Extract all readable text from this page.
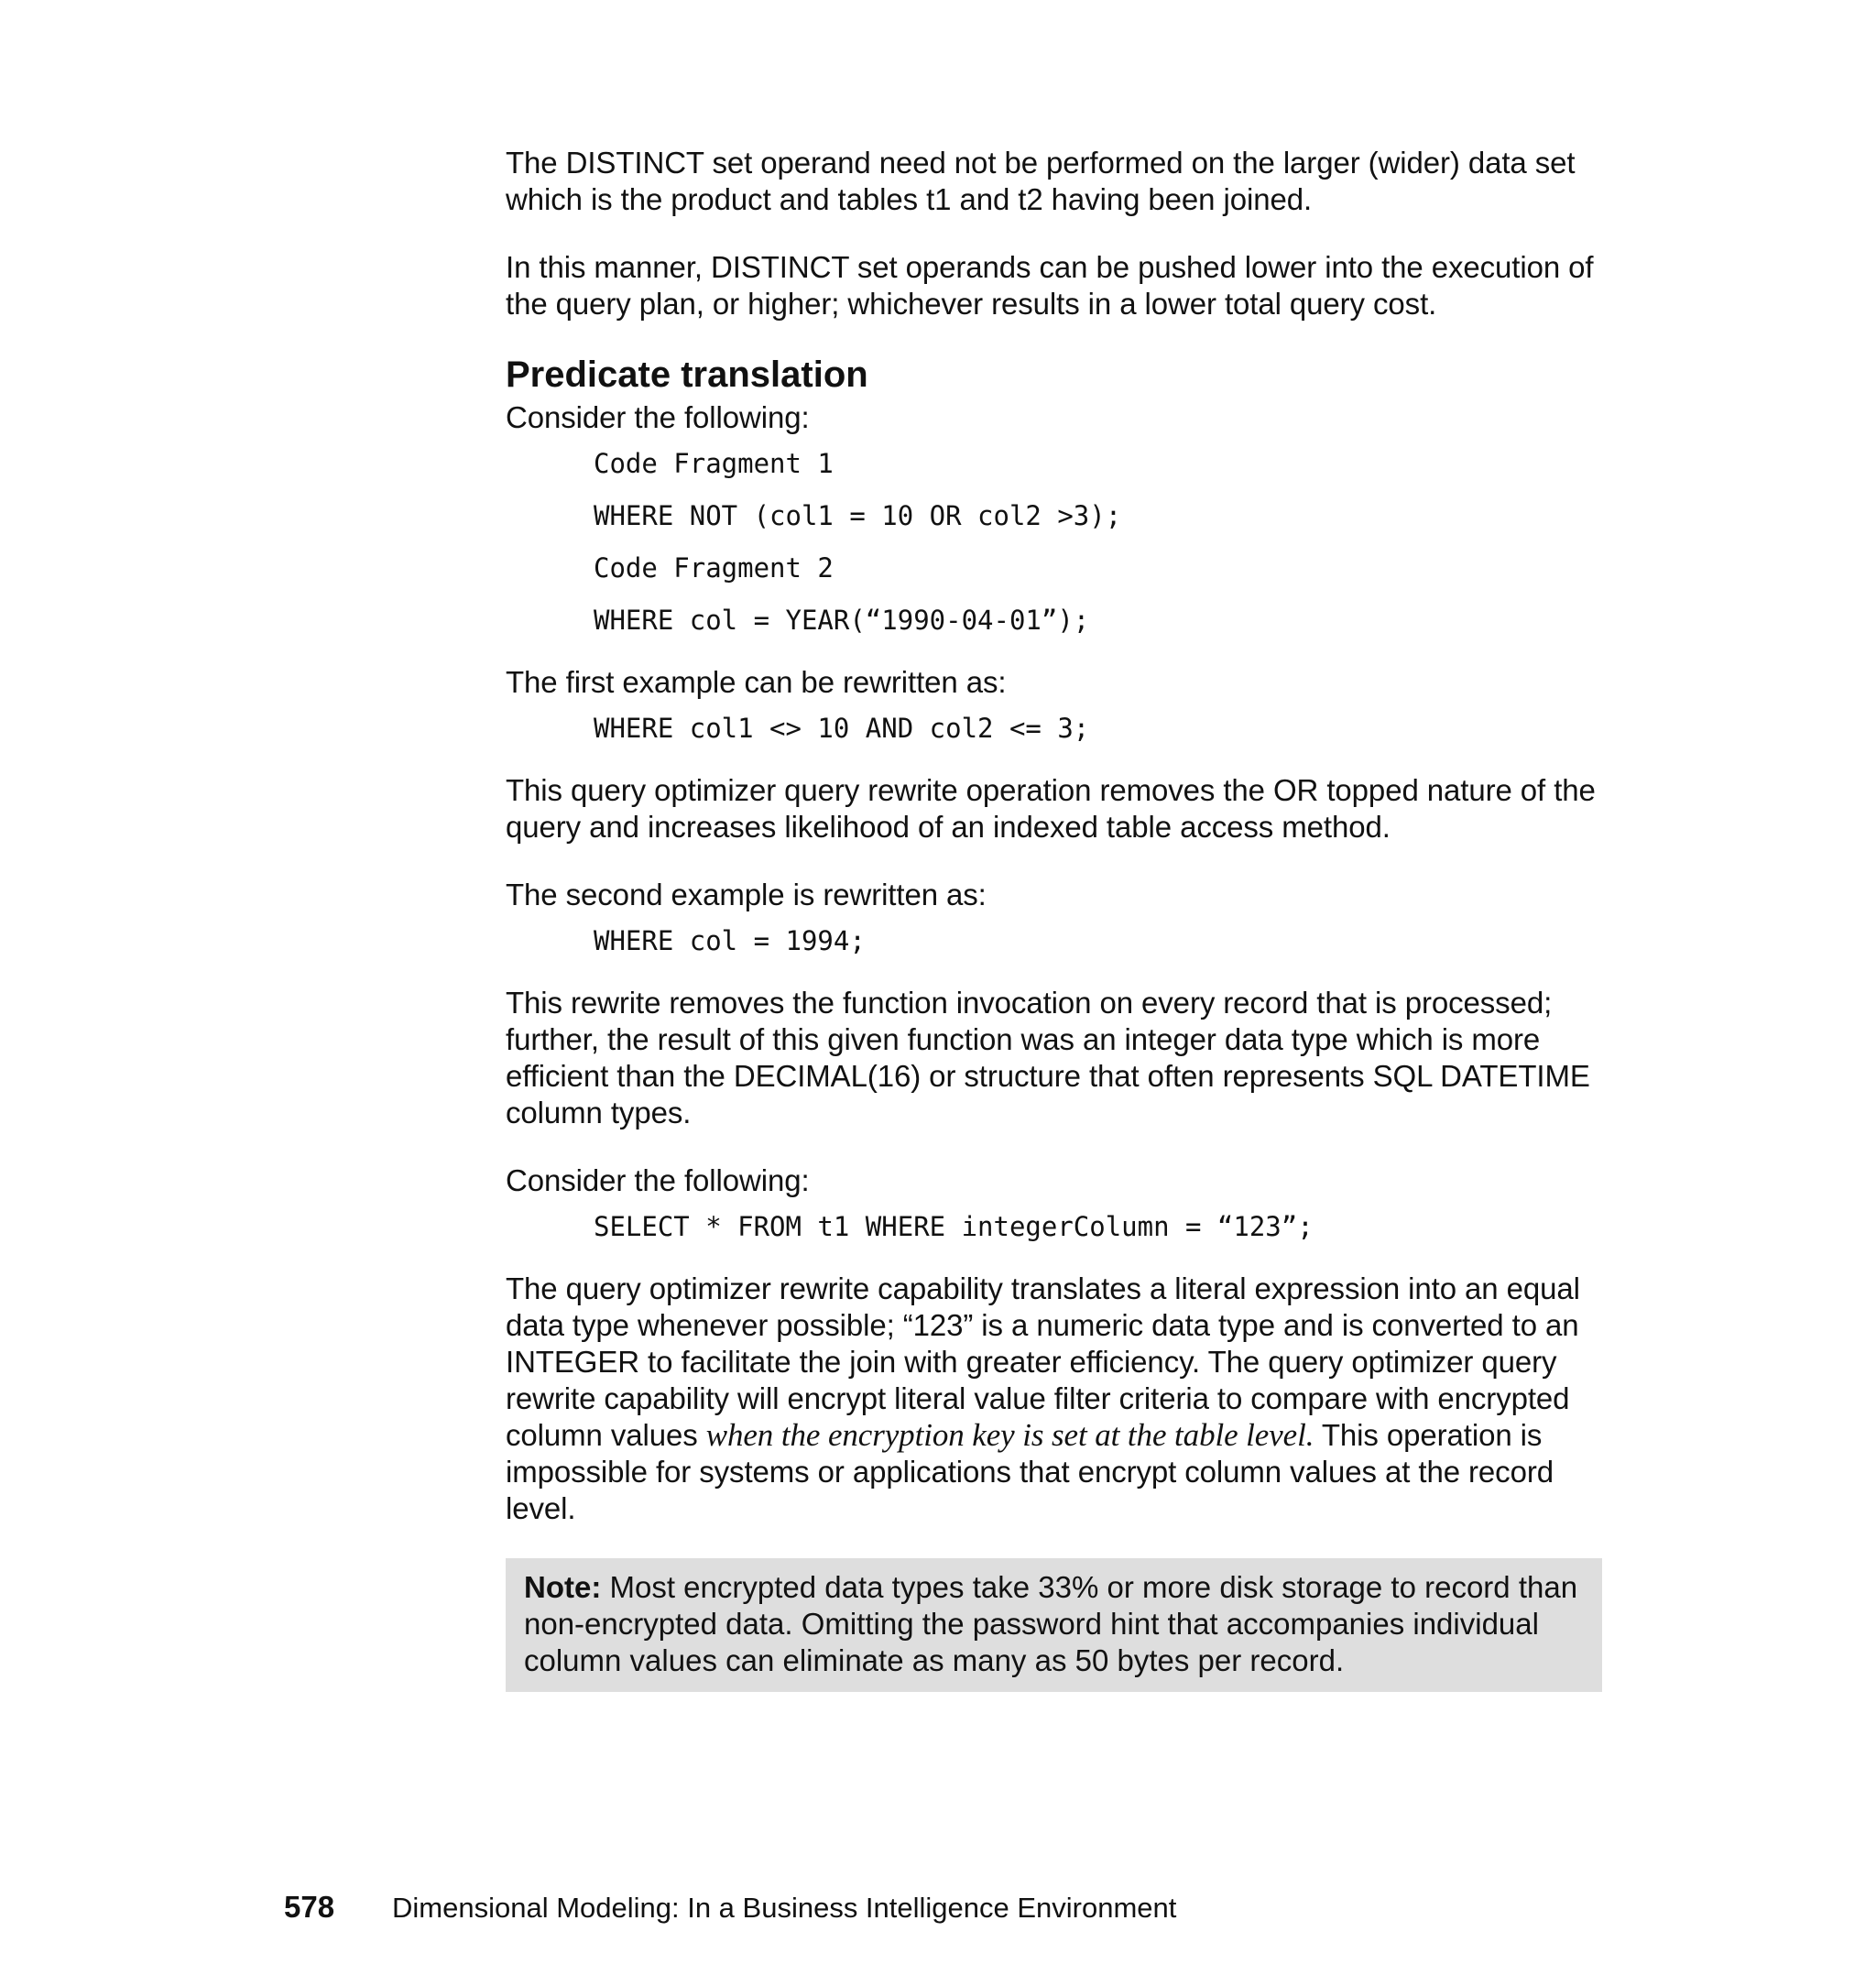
The DISTINCT set operand need not be performed on the larger (wider) data set which is the product and tables t1 and t2 having been joined.

In this manner, DISTINCT set operands can be pushed lower into the execution of the query plan, or higher; whichever results in a lower total query cost.

Predicate translation

Consider the following:

Code Fragment 1
WHERE NOT (col1 = 10 OR col2 >3);
Code Fragment 2
WHERE col = YEAR(“1990-04-01”);

The first example can be rewritten as:

WHERE col1 <> 10 AND col2 <= 3;

This query optimizer query rewrite operation removes the OR topped nature of the query and increases likelihood of an indexed table access method.

The second example is rewritten as:

WHERE col = 1994;

This rewrite removes the function invocation on every record that is processed; further, the result of this given function was an integer data type which is more efficient than the DECIMAL(16) or structure that often represents SQL DATETIME column types.

Consider the following:

SELECT * FROM t1 WHERE integerColumn = “123”;

The query optimizer rewrite capability translates a literal expression into an equal data type whenever possible; “123” is a numeric data type and is converted to an INTEGER to facilitate the join with greater efficiency. The query optimizer query rewrite capability will encrypt literal value filter criteria to compare with encrypted column values when the encryption key is set at the table level. This operation is impossible for systems or applications that encrypt column values at the record level.

Note: Most encrypted data types take 33% or more disk storage to record than non-encrypted data. Omitting the password hint that accompanies individual column values can eliminate as many as 50 bytes per record.

578 Dimensional Modeling: In a Business Intelligence Environment
